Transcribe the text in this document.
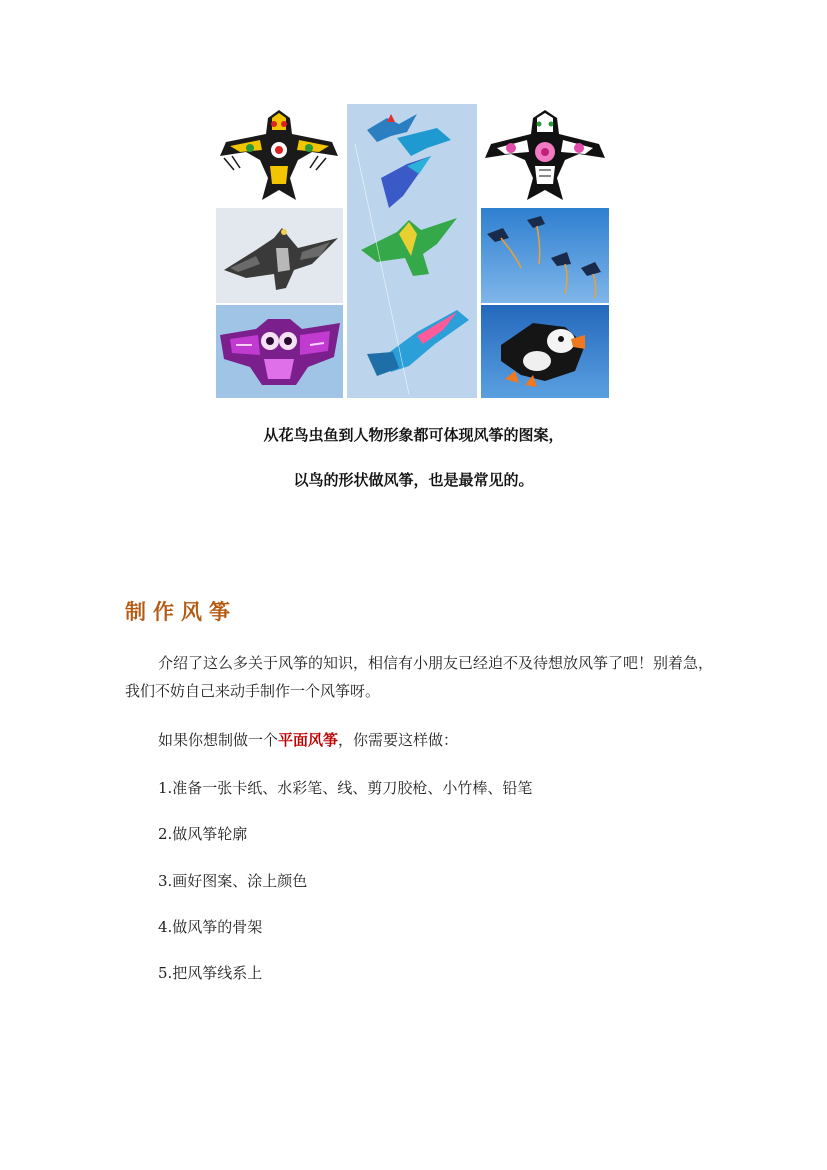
从花鸟虫鱼到人物形象都可体现风筝的图案，

以鸟的形状做风筝，也是最常见的。

制作风筝

介绍了这么多关于风筝的知识，相信有小朋友已经迫不及待想放风筝了吧！别着急，我们不妨自己来动手制作一个风筝呀。

如果你想制做一个平面风筝，你需要这样做：

1.准备一张卡纸、水彩笔、线、剪刀胶枪、小竹棒、铅笔

2.做风筝轮廓

3.画好图案、涂上颜色

4.做风筝的骨架

5.把风筝线系上
